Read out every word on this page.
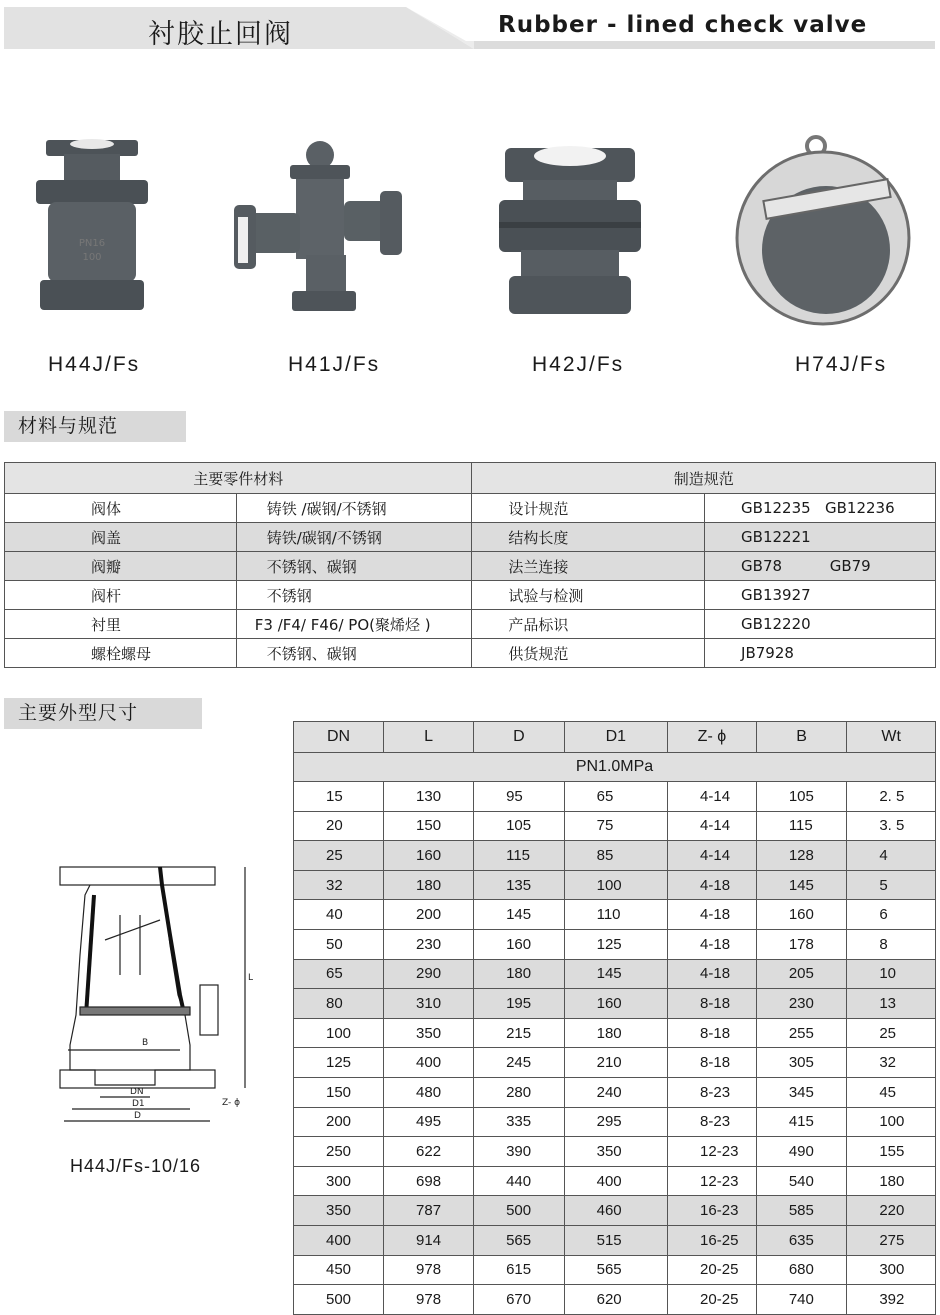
衬胶止回阀	Rubber - lined check valve
PN16
100
H44J/Fs	H41J/Fs	H42J/Fs	H74J/Fs
材料与规范
主要零件材料		制造规范	
阀体	铸铁 /碳钢/不锈钢	设计规范	GB12235   GB12236
阀盖	铸铁/碳钢/不锈钢	结构长度	GB12221
阀瓣	不锈钢、碳钢	法兰连接	GB78          GB79
阀杆	不锈钢	试验与检测	GB13927
衬里	F3 /F4/ F46/ PO(聚烯烃 )	产品标识	GB12220
螺栓螺母	不锈钢、碳钢	供货规范	JB7928
主要外型尺寸
L
B
DN
D1
D
Z- ϕ
H44J/Fs-10/16
DN	L	D	D1	Z- ϕ	B	Wt
PN1.0MPa						
15	130	95	65	4-14	105	2. 5
20	150	105	75	4-14	115	3. 5
25	160	115	85	4-14	128	4
32	180	135	100	4-18	145	5
40	200	145	110	4-18	160	6
50	230	160	125	4-18	178	8
65	290	180	145	4-18	205	10
80	310	195	160	8-18	230	13
100	350	215	180	8-18	255	25
125	400	245	210	8-18	305	32
150	480	280	240	8-23	345	45
200	495	335	295	8-23	415	100
250	622	390	350	12-23	490	155
300	698	440	400	12-23	540	180
350	787	500	460	16-23	585	220
400	914	565	515	16-25	635	275
450	978	615	565	20-25	680	300
500	978	670	620	20-25	740	392
